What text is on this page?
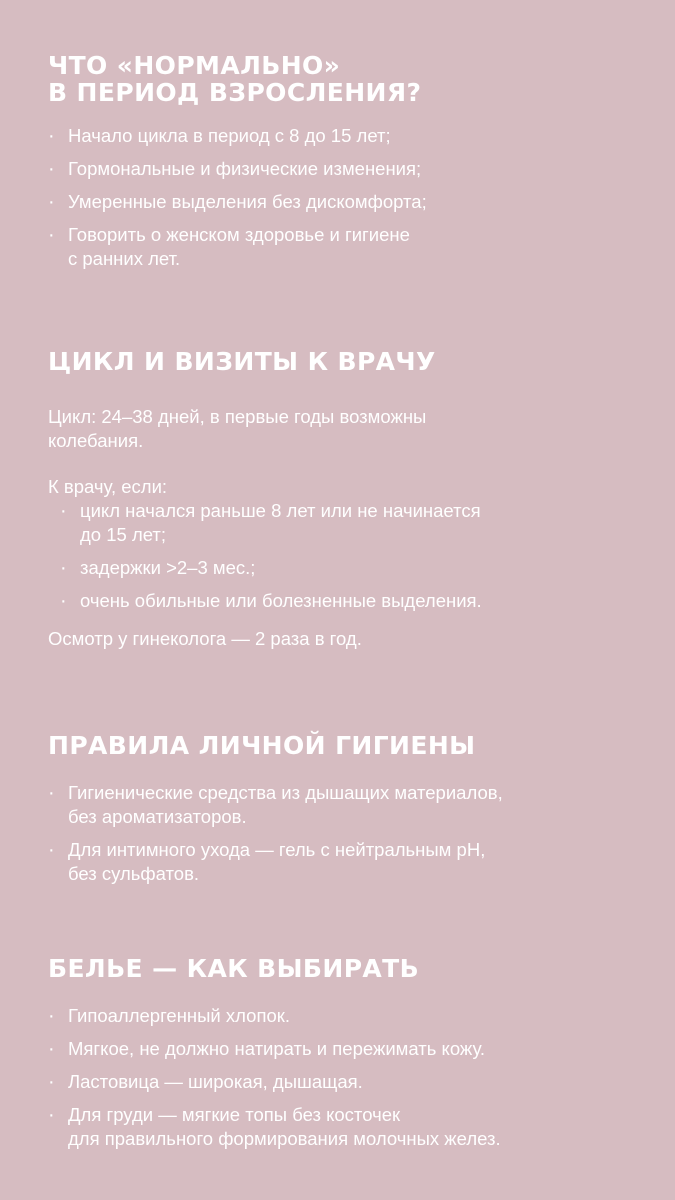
ЧТО «НОРМАЛЬНО»
В ПЕРИОД ВЗРОСЛЕНИЯ?
· Начало цикла в период с 8 до 15 лет;
· Гормональные и физические изменения;
· Умеренные выделения без дискомфорта;
· Говорить о женском здоровье и гигиене
с ранних лет.
ЦИКЛ И ВИЗИТЫ К ВРАЧУ

Цикл: 24–38 дней, в первые годы возможны
колебания.

К врачу, если:

· цикл начался раньше 8 лет или не начинается
до 15 лет;
· задержки >2–3 мес.;
· очень обильные или болезненные выделения.

Осмотр у гинеколога — 2 раза в год.

ПРАВИЛА ЛИЧНОЙ ГИГИЕНЫ
· Гигиенические средства из дышащих материалов,
без ароматизаторов.
· Для интимного ухода — гель с нейтральным pH,
без сульфатов.
БЕЛЬЕ — КАК ВЫБИРАТЬ
· Гипоаллергенный хлопок.
· Мягкое, не должно натирать и пережимать кожу.
· Ластовица — широкая, дышащая.
· Для груди — мягкие топы без косточек
для правильного формирования молочных желез.
